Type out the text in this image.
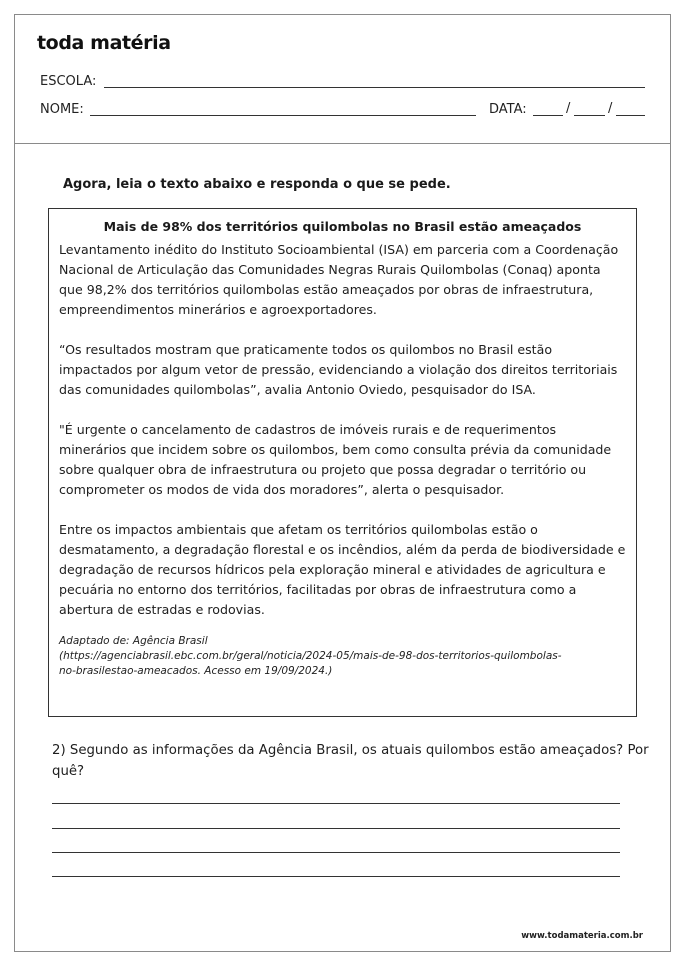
toda matéria
ESCOLA:
NOME:	DATA:	/	/
Agora, leia o texto abaixo e responda o que se pede.
Mais de 98% dos territórios quilombolas no Brasil estão ameaçados

Levantamento inédito do Instituto Socioambiental (ISA) em parceria com a Coordenação Nacional de Articulação das Comunidades Negras Rurais Quilombolas (Conaq) aponta que 98,2% dos territórios quilombolas estão ameaçados por obras de infraestrutura, empreendimentos minerários e agroexportadores.

“Os resultados mostram que praticamente todos os quilombos no Brasil estão impactados por algum vetor de pressão, evidenciando a violação dos direitos territoriais das comunidades quilombolas”, avalia Antonio Oviedo, pesquisador do ISA.

"É urgente o cancelamento de cadastros de imóveis rurais e de requerimentos minerários que incidem sobre os quilombos, bem como consulta prévia da comunidade sobre qualquer obra de infraestrutura ou projeto que possa degradar o território ou comprometer os modos de vida dos moradores”, alerta o pesquisador.

Entre os impactos ambientais que afetam os territórios quilombolas estão o desmatamento, a degradação florestal e os incêndios, além da perda de biodiversidade e degradação de recursos hídricos pela exploração mineral e atividades de agricultura e pecuária no entorno dos territórios, facilitadas por obras de infraestrutura como a abertura de estradas e rodovias.

Adaptado de: Agência Brasil
(https://agenciabrasil.ebc.com.br/geral/noticia/2024-05/mais-de-98-dos-territorios-quilombolas-
no-brasilestao-ameacados. Acesso em 19/09/2024.)
2) Segundo as informações da Agência Brasil, os atuais quilombos estão ameaçados? Por quê?
www.todamateria.com.br
